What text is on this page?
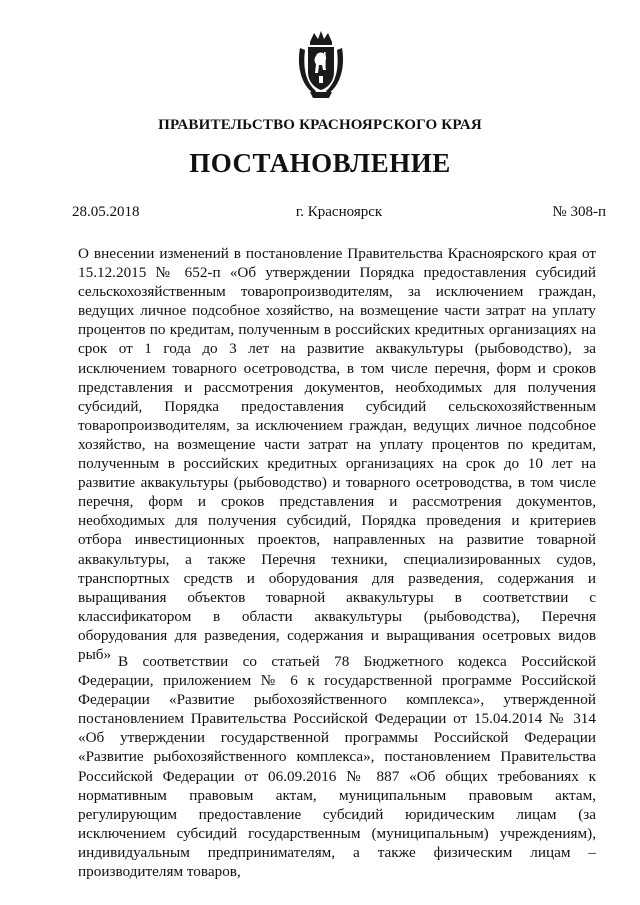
ПРАВИТЕЛЬСТВО КРАСНОЯРСКОГО КРАЯ
ПОСТАНОВЛЕНИЕ
28.05.2018	г. Красноярск	№ 308-п
О внесении изменений в постановление Правительства Красноярского края от 15.12.2015 № 652-п «Об утверждении Порядка предоставления субсидий сельскохозяйственным товаропроизводителям, за исключением граждан, ведущих личное подсобное хозяйство, на возмещение части затрат на уплату процентов по кредитам, полученным в российских кредитных организациях на срок от 1 года до 3 лет на развитие аквакультуры (рыбоводство), за исключением товарного осетроводства, в том числе перечня, форм и сроков представления и рассмотрения документов, необходимых для получения субсидий, Порядка предоставления субсидий сельскохозяйственным товаропроизводителям, за исключением граждан, ведущих личное подсобное хозяйство, на возмещение части затрат на уплату процентов по кредитам, полученным в российских кредитных организациях на срок до 10 лет на развитие аквакультуры (рыбоводство) и товарного осетроводства, в том числе перечня, форм и сроков представления и рассмотрения документов, необходимых для получения субсидий, Порядка проведения и критериев отбора инвестиционных проектов, направленных на развитие товарной аквакультуры, а также Перечня техники, специализированных судов, транспортных средств и оборудования для разведения, содержания и выращивания объектов товарной аквакультуры в соответствии с классификатором в области аквакультуры (рыбоводства), Перечня оборудования для разведения, содержания и выращивания осетровых видов рыб» В соответствии со статьей 78 Бюджетного кодекса Российской Федерации, приложением № 6 к государственной программе Российской Федерации «Развитие рыбохозяйственного комплекса», утвержденной постановлением Правительства Российской Федерации от 15.04.2014 № 314 «Об утверждении государственной программы Российской Федерации «Развитие рыбохозяйственного комплекса», постановлением Правительства Российской Федерации от 06.09.2016 № 887 «Об общих требованиях к нормативным правовым актам, муниципальным правовым актам, регулирующим предоставление субсидий юридическим лицам (за исключением субсидий государственным (муниципальным) учреждениям), индивидуальным предпринимателям, а также физическим лицам – производителям товаров,
